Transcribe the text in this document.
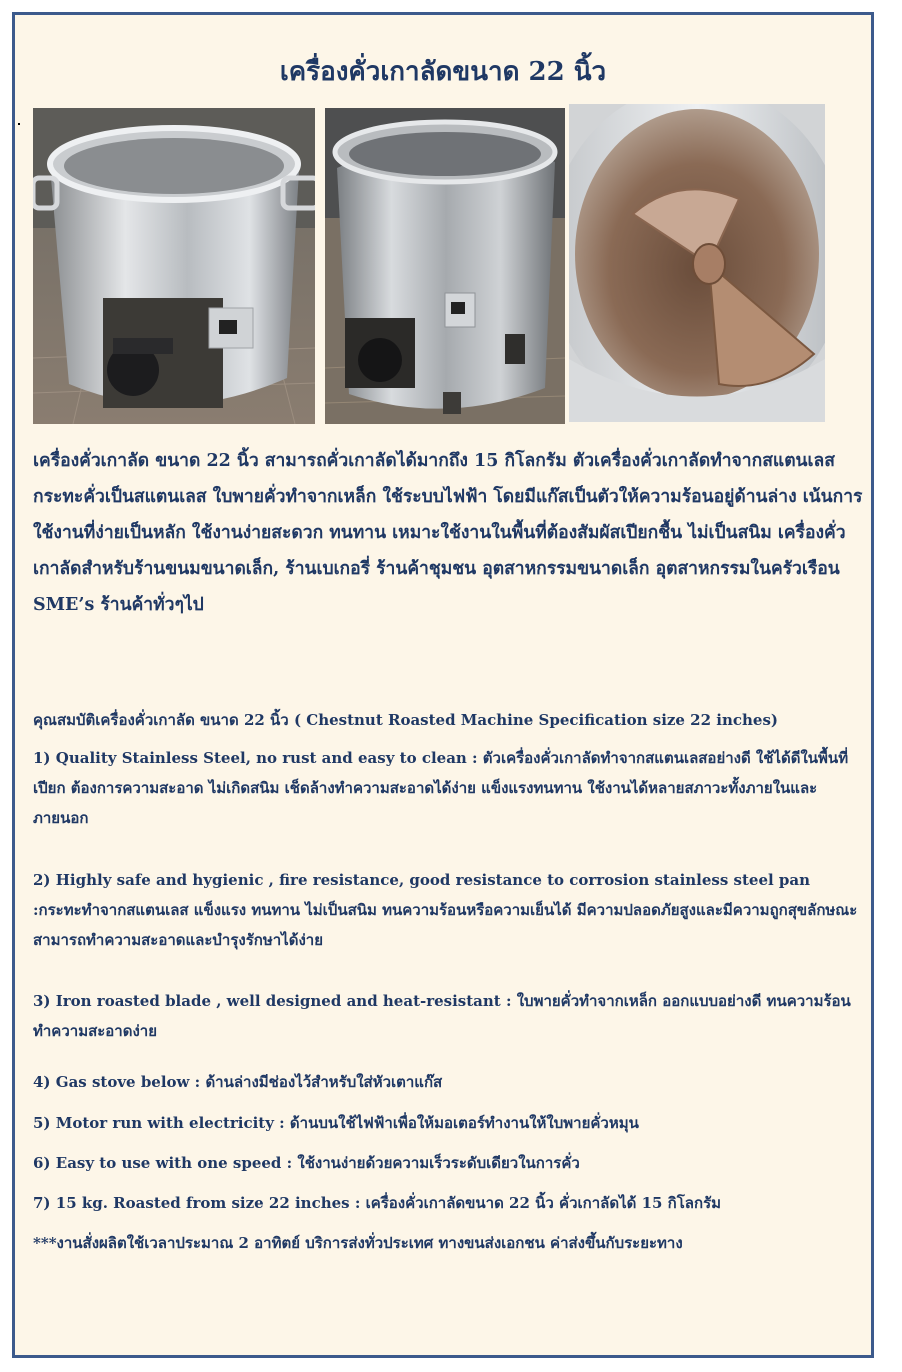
เครื่องคั่วเกาลัดขนาด 22 นิ้ว

เครื่องคั่วเกาลัด ขนาด 22 นิ้ว สามารถคั่วเกาลัดได้มากถึง 15 กิโลกรัม ตัวเครื่องคั่วเกาลัดทำจากสแตนเลส กระทะคั่วเป็นสแตนเลส ใบพายคั่วทำจากเหล็ก ใช้ระบบไฟฟ้า โดยมีแก๊สเป็นตัวให้ความร้อนอยู่ด้านล่าง เน้นการใช้งานที่ง่ายเป็นหลัก ใช้งานง่ายสะดวก ทนทาน เหมาะใช้งานในพื้นที่ต้องสัมผัสเปียกชื้น ไม่เป็นสนิม เครื่องคั่วเกาลัดสำหรับร้านขนมขนาดเล็ก, ร้านเบเกอรี่ ร้านค้าชุมชน อุตสาหกรรมขนาดเล็ก อุตสาหกรรมในครัวเรือน SME’s ร้านค้าทั่วๆไป

คุณสมบัติเครื่องคั่วเกาลัด ขนาด 22 นิ้ว ( Chestnut Roasted Machine Specification size 22 inches)

1) Quality Stainless Steel, no rust and easy to clean : ตัวเครื่องคั่วเกาลัดทำจากสแตนเลสอย่างดี ใช้ได้ดีในพื้นที่เปียก ต้องการความสะอาด ไม่เกิดสนิม เช็ดล้างทำความสะอาดได้ง่าย แข็งแรงทนทาน ใช้งานได้หลายสภาวะทั้งภายในและภายนอก

2) Highly safe and hygienic , fire resistance, good resistance to corrosion stainless steel pan :กระทะทำจากสแตนเลส แข็งแรง ทนทาน ไม่เป็นสนิม ทนความร้อนหรือความเย็นได้ มีความปลอดภัยสูงและมีความถูกสุขลักษณะ สามารถทำความสะอาดและบำรุงรักษาได้ง่าย

3) Iron roasted blade , well designed and heat-resistant : ใบพายคั่วทำจากเหล็ก ออกแบบอย่างดี ทนความร้อน ทำความสะอาดง่าย

4) Gas stove below : ด้านล่างมีช่องไว้สำหรับใส่หัวเตาแก๊ส

5) Motor run with electricity : ด้านบนใช้ไฟฟ้าเพื่อให้มอเตอร์ทำงานให้ใบพายคั่วหมุน

6) Easy to use with one speed : ใช้งานง่ายด้วยความเร็วระดับเดียวในการคั่ว

7) 15 kg. Roasted from size 22 inches : เครื่องคั่วเกาลัดขนาด 22 นิ้ว คั่วเกาลัดได้ 15 กิโลกรัม

***งานสั่งผลิตใช้เวลาประมาณ 2 อาทิตย์ บริการส่งทั่วประเทศ ทางขนส่งเอกชน ค่าส่งขึ้นกับระยะทาง
